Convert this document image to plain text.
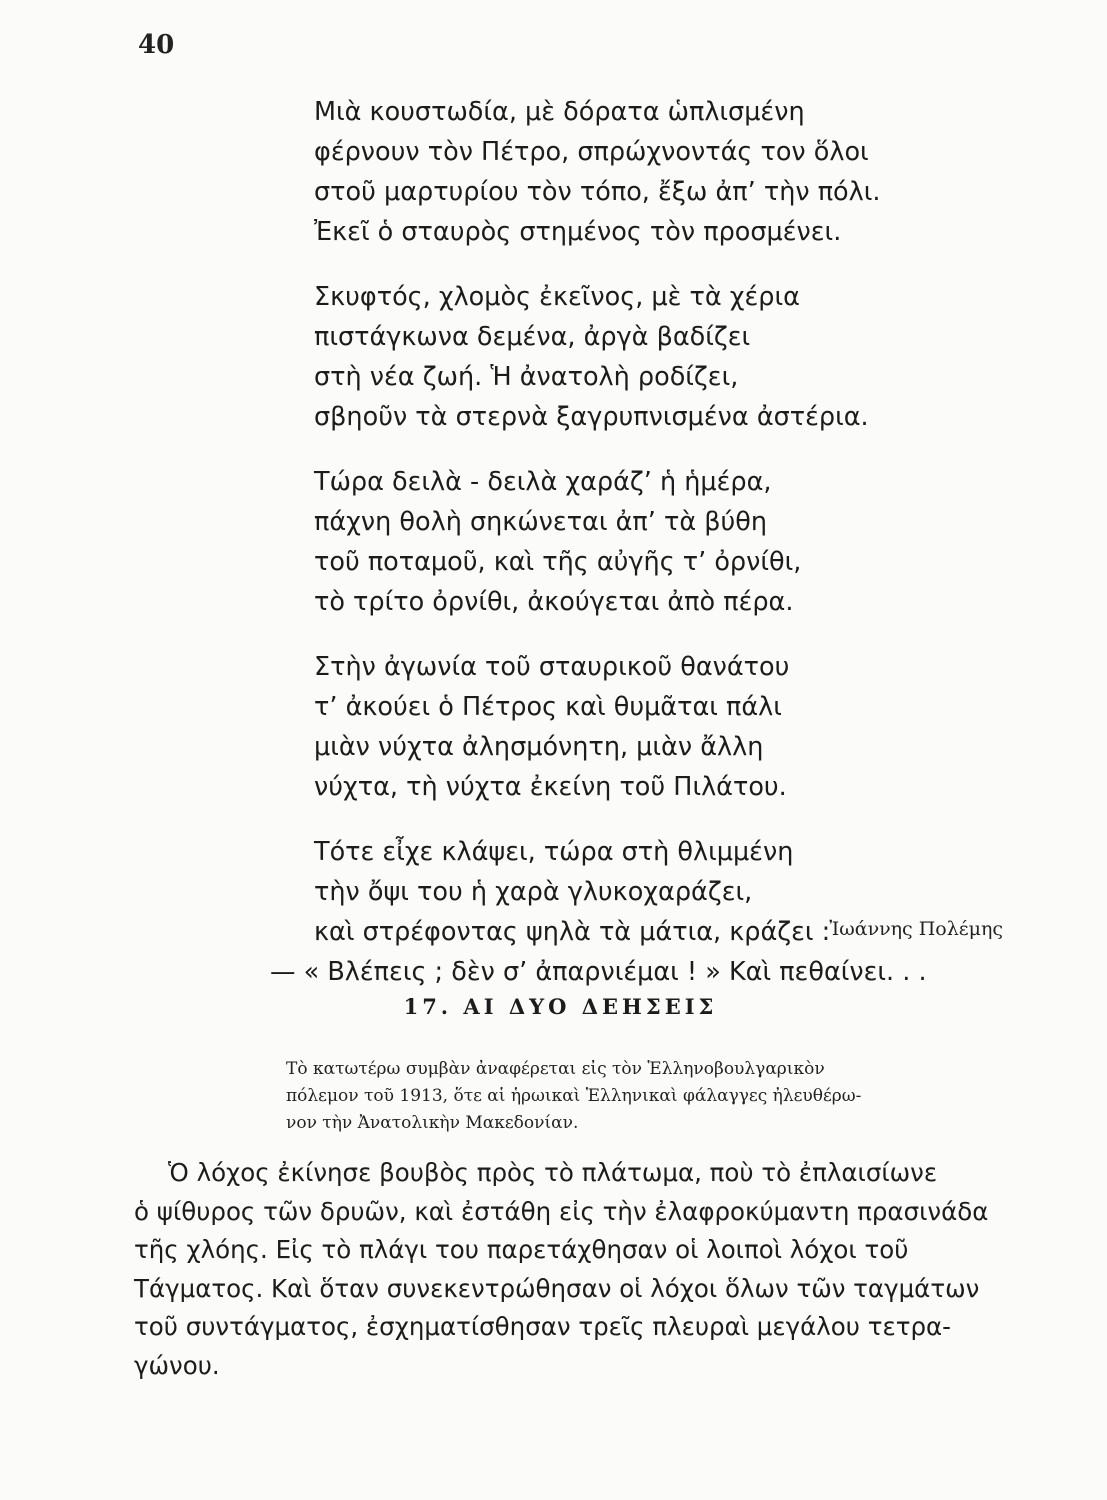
40
Μιὰ κουστωδία, μὲ δόρατα ὡπλισμένη
φέρνουν τὸν Πέτρο, σπρώχνοντάς τον ὅλοι
στοῦ μαρτυρίου τὸν τόπο, ἔξω ἀπ’ τὴν πόλι.
Ἐκεῖ ὁ σταυρὸς στημένος τὸν προσμένει.
Σκυφτός, χλομὸς ἐκεῖνος, μὲ τὰ χέρια
πιστάγκωνα δεμένα, ἀργὰ βαδίζει
στὴ νέα ζωή. Ἡ ἀνατολὴ ροδίζει,
σβηοῦν τὰ στερνὰ ξαγρυπνισμένα ἀστέρια.
Τώρα δειλὰ - δειλὰ χαράζ’ ἡ ἡμέρα,
πάχνη θολὴ σηκώνεται ἀπ’ τὰ βύθη
τοῦ ποταμοῦ, καὶ τῆς αὐγῆς τ’ ὀρνίθι,
τὸ τρίτο ὀρνίθι, ἀκούγεται ἀπὸ πέρα.
Στὴν ἀγωνία τοῦ σταυρικοῦ θανάτου
τ’ ἀκούει ὁ Πέτρος καὶ θυμᾶται πάλι
μιὰν νύχτα ἀλησμόνητη, μιὰν ἄλλη
νύχτα, τὴ νύχτα ἐκείνη τοῦ Πιλάτου.
Τότε εἶχε κλάψει, τώρα στὴ θλιμμένη
τὴν ὄψι του ἡ χαρὰ γλυκοχαράζει,
καὶ στρέφοντας ψηλὰ τὰ μάτια, κράζει :
— « Βλέπεις ; δὲν σ’ ἀπαρνιέμαι ! » Καὶ πεθαίνει. . .
Ἰωάννης Πολέμης
17. ΑΙ ΔΥΟ ΔΕΗΣΕΙΣ
Τὸ κατωτέρω συμβὰν ἀναφέρεται εἰς τὸν Ἑλληνοβουλγαρικὸν
πόλεμον τοῦ 1913, ὅτε αἱ ἡρωικαὶ Ἑλληνικαὶ φάλαγγες ἠλευθέρω-
νον τὴν Ἀνατολικὴν Μακεδονίαν.
Ὁ λόχος ἐκίνησε βουβὸς πρὸς τὸ πλάτωμα, ποὺ τὸ ἐπλαισίωνε
ὁ ψίθυρος τῶν δρυῶν, καὶ ἐστάθη εἰς τὴν ἐλαφροκύμαντη πρασινάδα
τῆς χλόης. Εἰς τὸ πλάγι του παρετάχθησαν οἱ λοιποὶ λόχοι τοῦ
Τάγματος. Καὶ ὅταν συνεκεντρώθησαν οἱ λόχοι ὅλων τῶν ταγμάτων
τοῦ συντάγματος, ἐσχηματίσθησαν τρεῖς πλευραὶ μεγάλου τετρα-
γώνου.
